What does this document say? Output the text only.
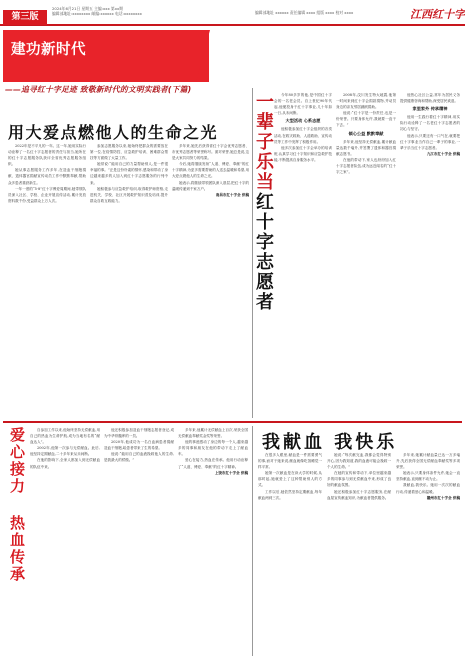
第三版
2024年6月21日 星期五 主编:xxx 第xx期
编辑部地址:xxxxxxxx 邮编:xxxxxx 电话:xxxxxxxx	编辑部地址 xxxxxx 责任编辑 xxxx 组版 xxxx 校对 xxxx	江西红十字
建功新时代
——追寻红十字足迹 致敬新时代的文明实践者(下篇)
用大爱点燃他人的生命之光

2022年是不平凡的一年。这一年,她用实际行动诠释了一名红十字志愿者的责任与担当,她所在的红十字志愿服务队获评全省优秀志愿服务组织。

她从事志愿服务工作多年,在造血干细胞捐献、遗体器官捐献宣传动员工作中默默奉献,帮助众多患者重获新生。

一年一度的“5·8”红十字博爱周期间,她带领队员深入社区、学校、企业开展宣传活动,累计发放资料数千份,受益群众上万人次。

参加志愿服务以来,她始终把群众的需要放在第一位,在疫情防控、应急救护培训、困难群众帮扶等方面做了大量工作。

她常说:“能用自己的力量帮助别人,是一件很幸福的事。”正是这份朴素的情怀,感染和带动了身边越来越多的人加入到红十字志愿服务的行列中来。

她积极参与应急救护培训,取得救护师资格,走进机关、学校、社区开展救护知识普及培训,提升群众自救互救能力。

多年来,她先后获得省红十字会优秀志愿者、市优秀志愿者等荣誉称号。面对荣誉,她总是说,这是大家共同努力的结果。

今后,她将继续发扬“人道、博爱、奉献”的红十字精神,为更多需要帮助的人送去温暖和希望,用大爱点燃他人的生命之光。

她表示,将继续带领团队深入基层,把红十字的温暖传递到千家万户。

南昌市红十字会 供稿

一辈子乐当红十字志愿者

今年80多岁的他,是中国红十字会的一名老会员。自上世纪90年代起,他便投身于红十字事业,几十年如一日,从未间断。

大型活动 心系志愿

他积极参加红十字会组织的各类活动,在救灾救助、人道救助、宣传动员等工作中发挥了积极作用。

他多次参加红十字会举办的培训班,认真学习红十字知识和应急救护技能,不断提高自身服务水平。

2008年,汶川发生特大地震,他第一时间来到红十字会捐款捐物,并动员身边的亲友邻居踊跃捐助。

他说:“红十字是一份责任,也是一份荣誉。只要身体允许,我就要一直干下去。”

倾心公益 默默奉献

多年来,他坚持无偿献血,累计献血量达数千毫升,并签署了遗体和器官捐献志愿书。

在他的带动下,家人也纷纷加入红十字志愿者队伍,成为远近闻名的“红十字之家”。

他热心社区公益,常年为居民义务提供健康咨询和帮助,深受居民欢迎。

家里家外 传承精神

他用一生践行着红十字精神,用实际行动诠释了一名老红十字志愿者的初心与坚守。

他表示,只要还有一口气在,就要把红十字事业当作自己一辈子的事业,一辈子乐当红十字志愿者。

九江市红十字会 供稿

爱心接力 热血传承	自参加工作以来,他始终坚持无偿献血,用自己的热血为生命护航,成为当地有名的“献血达人”。

2002年,他第一次参与无偿献血。此后,他坚持定期献血,二十多年来从未间断。

在他的影响下,全家人都加入到无偿献血的队伍中来。

他还积极参加造血干细胞志愿者登记,成为中华骨髓库的一员。

2020年,他成功为一名白血病患者捐献造血干细胞,给患者带来了生的希望。

他说:“能用自己的血液挽救他人的生命,是我最大的骄傲。”

多年来,他累计无偿献血上百次,荣获全国无偿献血奉献奖金奖等荣誉。

他的事迹感动了身边的每一个人,越来越多的同事和朋友在他的带动下走上了献血车。

爱心在接力,热血在传承。他用行动诠释了“人道、博爱、奉献”的红十字精神。

上饶市红十字会 供稿

我献血 我快乐

在很多人眼里,献血是一件需要勇气的事,而对于她来说,献血就像吃饭睡觉一样平常。

她第一次献血是在读大学的时候,从那时起,她就爱上了这种帮助别人的方式。

工作以后,她依然坚持定期献血,每年献血两到三次。

她说:“每次献完血,我都会觉得特别开心,因为我知道,我的血液可能会挽救一个人的生命。”

在她的宣传和带动下,单位里越来越多的同事参与到无偿献血中来,形成了良好的献血氛围。

她还积极参加红十字志愿服务,在献血屋宣传献血知识,为献血者提供服务。

多年来,她累计献血量已达一万多毫升,先后获得全国无偿献血奉献奖等多项荣誉。

她表示,只要身体条件允许,她会一直坚持献血,直到献不动为止。

我献血,我快乐。她用一次次的献血行动,传递着爱心和温暖。

赣州市红十字会 供稿
